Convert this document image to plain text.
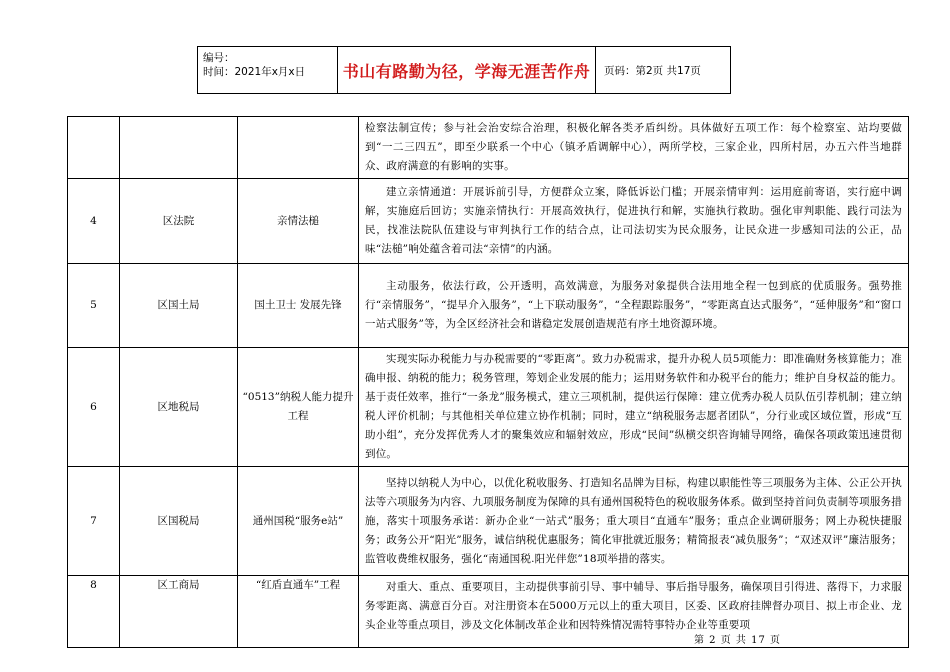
编号：
时间：2021年x月x日	书山有路勤为径，学海无涯苦作舟	页码：第2页 共17页
			检察法制宣传；参与社会治安综合治理，积极化解各类矛盾纠纷。具体做好五项工作：每个检察室、站均要做到“一二三四五”，即至少联系一个中心（镇矛盾调解中心），两所学校，三家企业，四所村居，办五六件当地群众、政府满意的有影响的实事。
4	区法院	亲情法槌	建立亲情通道：开展诉前引导，方便群众立案，降低诉讼门槛；开展亲情审判：运用庭前寄语，实行庭中调解，实施庭后回访；实施亲情执行：开展高效执行，促进执行和解，实施执行救助。强化审判职能、践行司法为民，找准法院队伍建设与审判执行工作的结合点，让司法切实为民众服务，让民众进一步感知司法的公正，品味“法槌”响处蕴含着司法“亲情”的内涵。

5	区国土局	国土卫士 发展先锋	主动服务，依法行政，公开透明，高效满意，为服务对象提供合法用地全程一包到底的优质服务。强势推行“亲情服务”，“提早介入服务”，“上下联动服务”，“全程跟踪服务”，“零距离直达式服务”，“延伸服务”和“窗口一站式服务”等，为全区经济社会和谐稳定发展创造规范有序土地资源环境。

6	区地税局	“0513”纳税人能力提升工程	实现实际办税能力与办税需要的“零距离”。致力办税需求，提升办税人员5项能力：即准确财务核算能力；准确申报、纳税的能力；税务管理，筹划企业发展的能力；运用财务软件和办税平台的能力；维护自身权益的能力。基于责任效率，推行“一条龙”服务模式，建立三项机制，提供运行保障：建立优秀办税人员队伍引荐机制；建立纳税人评价机制；与其他相关单位建立协作机制；同时，建立“纳税服务志愿者团队”，分行业或区域位置，形成“互助小组”，充分发挥优秀人才的聚集效应和辐射效应，形成“民间”纵横交织咨询辅导网络，确保各项政策迅速贯彻到位。

7	区国税局	通州国税“服务e站”	坚持以纳税人为中心，以优化税收服务、打造知名品牌为目标，构建以职能性等三项服务为主体、公正公开执法等六项服务为内容、九项服务制度为保障的具有通州国税特色的税收服务体系。做到坚持首问负责制等项服务措施，落实十项服务承诺：新办企业“一站式”服务；重大项目“直通车”服务；重点企业调研服务；网上办税快捷服务；政务公开“阳光”服务，诚信纳税优惠服务；简化审批就近服务；精简报表“减负服务”；“双述双评”廉洁服务；监管收费维权服务，强化“南通国税.阳光伴您”18项举措的落实。

8	区工商局	“红盾直通车”工程	对重大、重点、重要项目，主动提供事前引导、事中辅导、事后指导服务，确保项目引得进、落得下，力求服务零距离、满意百分百。对注册资本在5000万元以上的重大项目，区委、区政府挂牌督办项目、拟上市企业、龙头企业等重点项目，涉及文化体制改革企业和因特殊情况需特事特办企业等重要项
第 2 页 共 17 页
